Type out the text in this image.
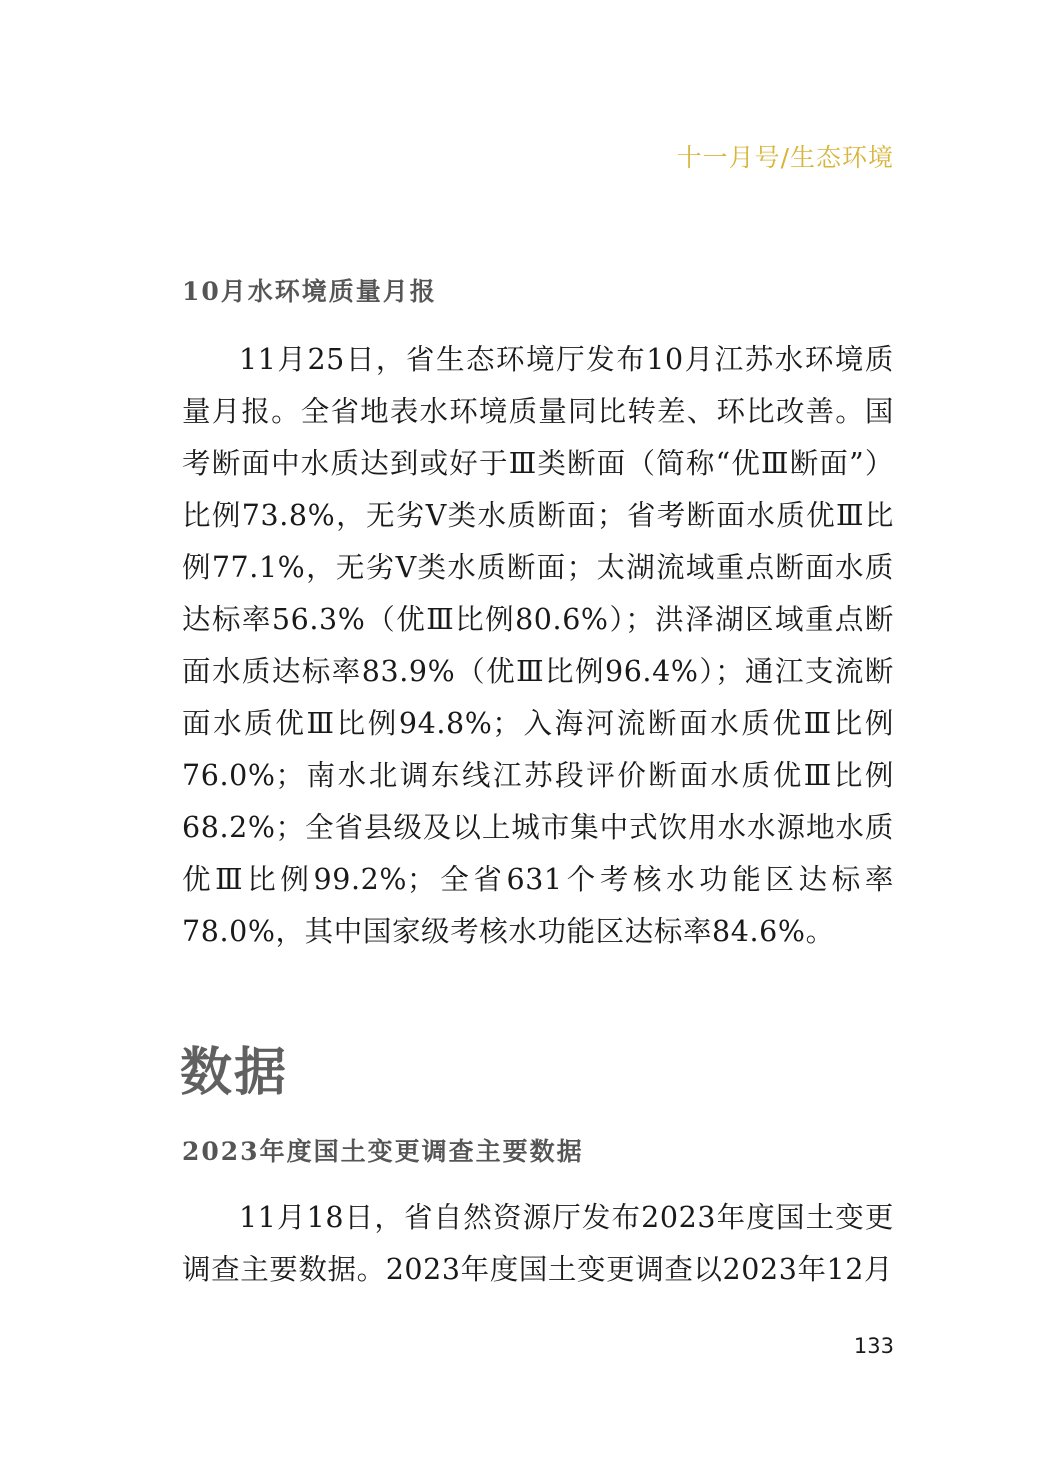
十一月号/生态环境
10月水环境质量月报

11月25日，省生态环境厅发布10月江苏水环境质量月报。全省地表水环境质量同比转差、环比改善。国考断面中水质达到或好于Ⅲ类断面（简称“优Ⅲ断面”）比例73.8%，无劣Ⅴ类水质断面；省考断面水质优Ⅲ比例77.1%，无劣Ⅴ类水质断面；太湖流域重点断面水质达标率56.3%（优Ⅲ比例80.6%）；洪泽湖区域重点断面水质达标率83.9%（优Ⅲ比例96.4%）；通江支流断面水质优Ⅲ比例94.8%；入海河流断面水质优Ⅲ比例76.0%；南水北调东线江苏段评价断面水质优Ⅲ比例68.2%；全省县级及以上城市集中式饮用水水源地水质优Ⅲ比例99.2%；全省631个考核水功能区达标率78.0%，其中国家级考核水功能区达标率84.6%。

数据
2023年度国土变更调查主要数据

11月18日，省自然资源厅发布2023年度国土变更调查主要数据。2023年度国土变更调查以2023年12月

133
